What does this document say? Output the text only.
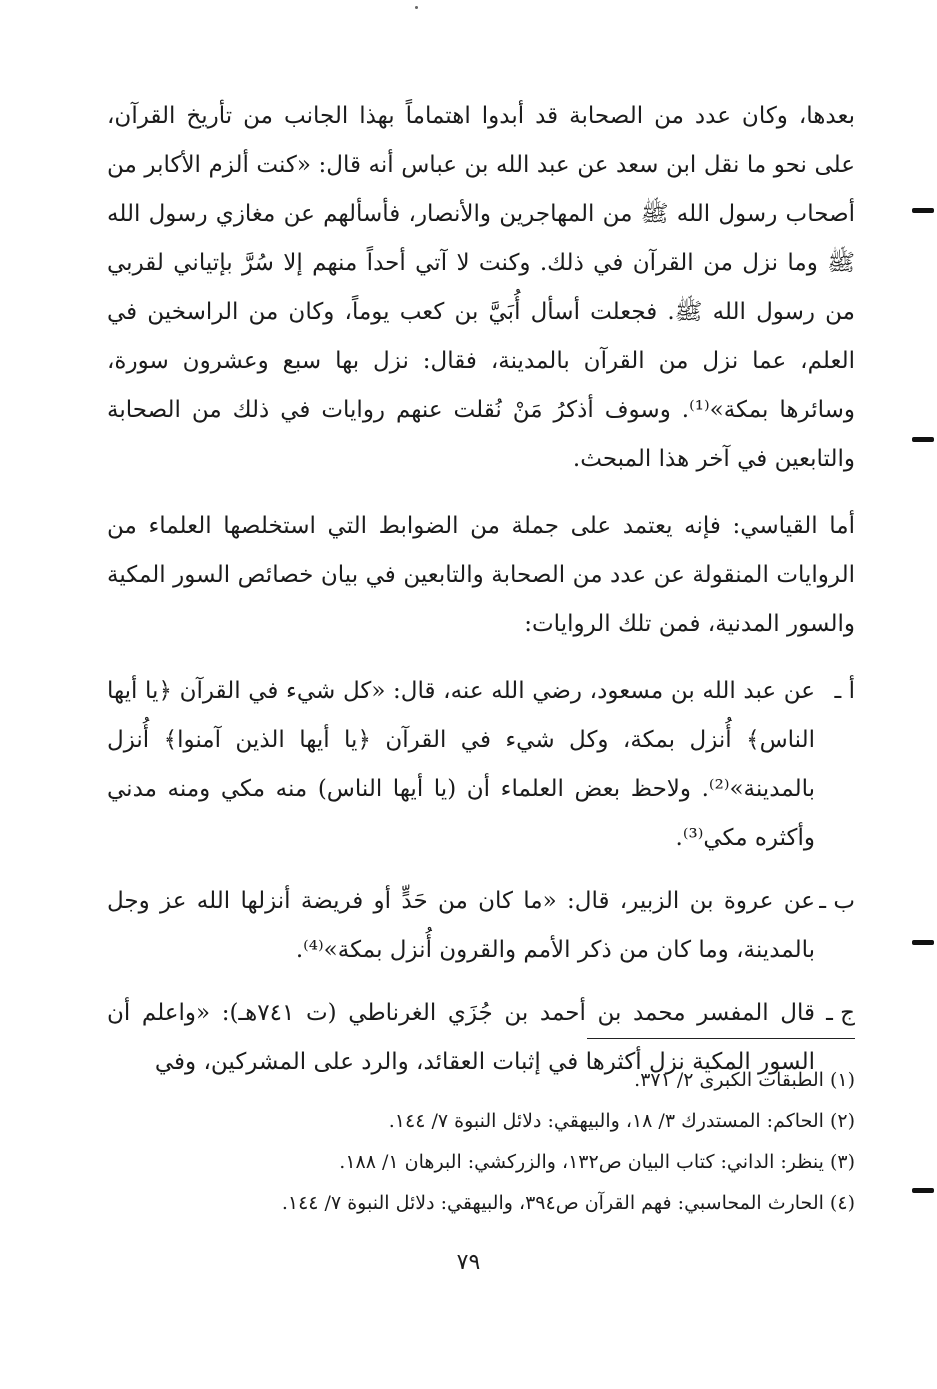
بعدها، وكان عدد من الصحابة قد أبدوا اهتماماً بهذا الجانب من تأريخ القرآن، على نحو ما نقل ابن سعد عن عبد الله بن عباس أنه قال: «كنت ألزم الأكابر من أصحاب رسول الله ﷺ من المهاجرين والأنصار، فأسألهم عن مغازي رسول الله ﷺ وما نزل من القرآن في ذلك. وكنت لا آتي أحداً منهم إلا سُرَّ بإتياني لقربي من رسول الله ﷺ. فجعلت أسأل أُبَيَّ بن كعب يوماً، وكان من الراسخين في العلم، عما نزل من القرآن بالمدينة، فقال: نزل بها سبع وعشرون سورة، وسائرها بمكة»⁽¹⁾. وسوف أذكرُ مَنْ نُقلت عنهم روايات في ذلك من الصحابة والتابعين في آخر هذا المبحث.

أما القياسي: فإنه يعتمد على جملة من الضوابط التي استخلصها العلماء من الروايات المنقولة عن عدد من الصحابة والتابعين في بيان خصائص السور المكية والسور المدنية، فمن تلك الروايات:

أ ـ
عن عبد الله بن مسعود، رضي الله عنه، قال: «كل شيء في القرآن ﴿يا أيها الناس﴾ أُنزل بمكة، وكل شيء في القرآن ﴿يا أيها الذين آمنوا﴾ أُنزل بالمدينة»⁽²⁾. ولاحظ بعض العلماء أن (يا أيها الناس) منه مكي ومنه مدني وأكثره مكي⁽³⁾.
ب ـ
عن عروة بن الزبير، قال: «ما كان من حَدٍّ أو فريضة أنزلها الله عز وجل بالمدينة، وما كان من ذكر الأمم والقرون أُنزل بمكة»⁽⁴⁾.
ج ـ
قال المفسر محمد بن أحمد بن جُزَي الغرناطي (ت ٧٤١هـ): «واعلم أن السور المكية نزل أكثرها في إثبات العقائد، والرد على المشركين، وفي

(١) الطبقات الكبرى ٢/ ٣٧١.

(٢) الحاكم: المستدرك ٣/ ١٨، والبيهقي: دلائل النبوة ٧/ ١٤٤.

(٣) ينظر: الداني: كتاب البيان ص١٣٢، والزركشي: البرهان ١/ ١٨٨.

(٤) الحارث المحاسبي: فهم القرآن ص٣٩٤، والبيهقي: دلائل النبوة ٧/ ١٤٤.

٧٩
